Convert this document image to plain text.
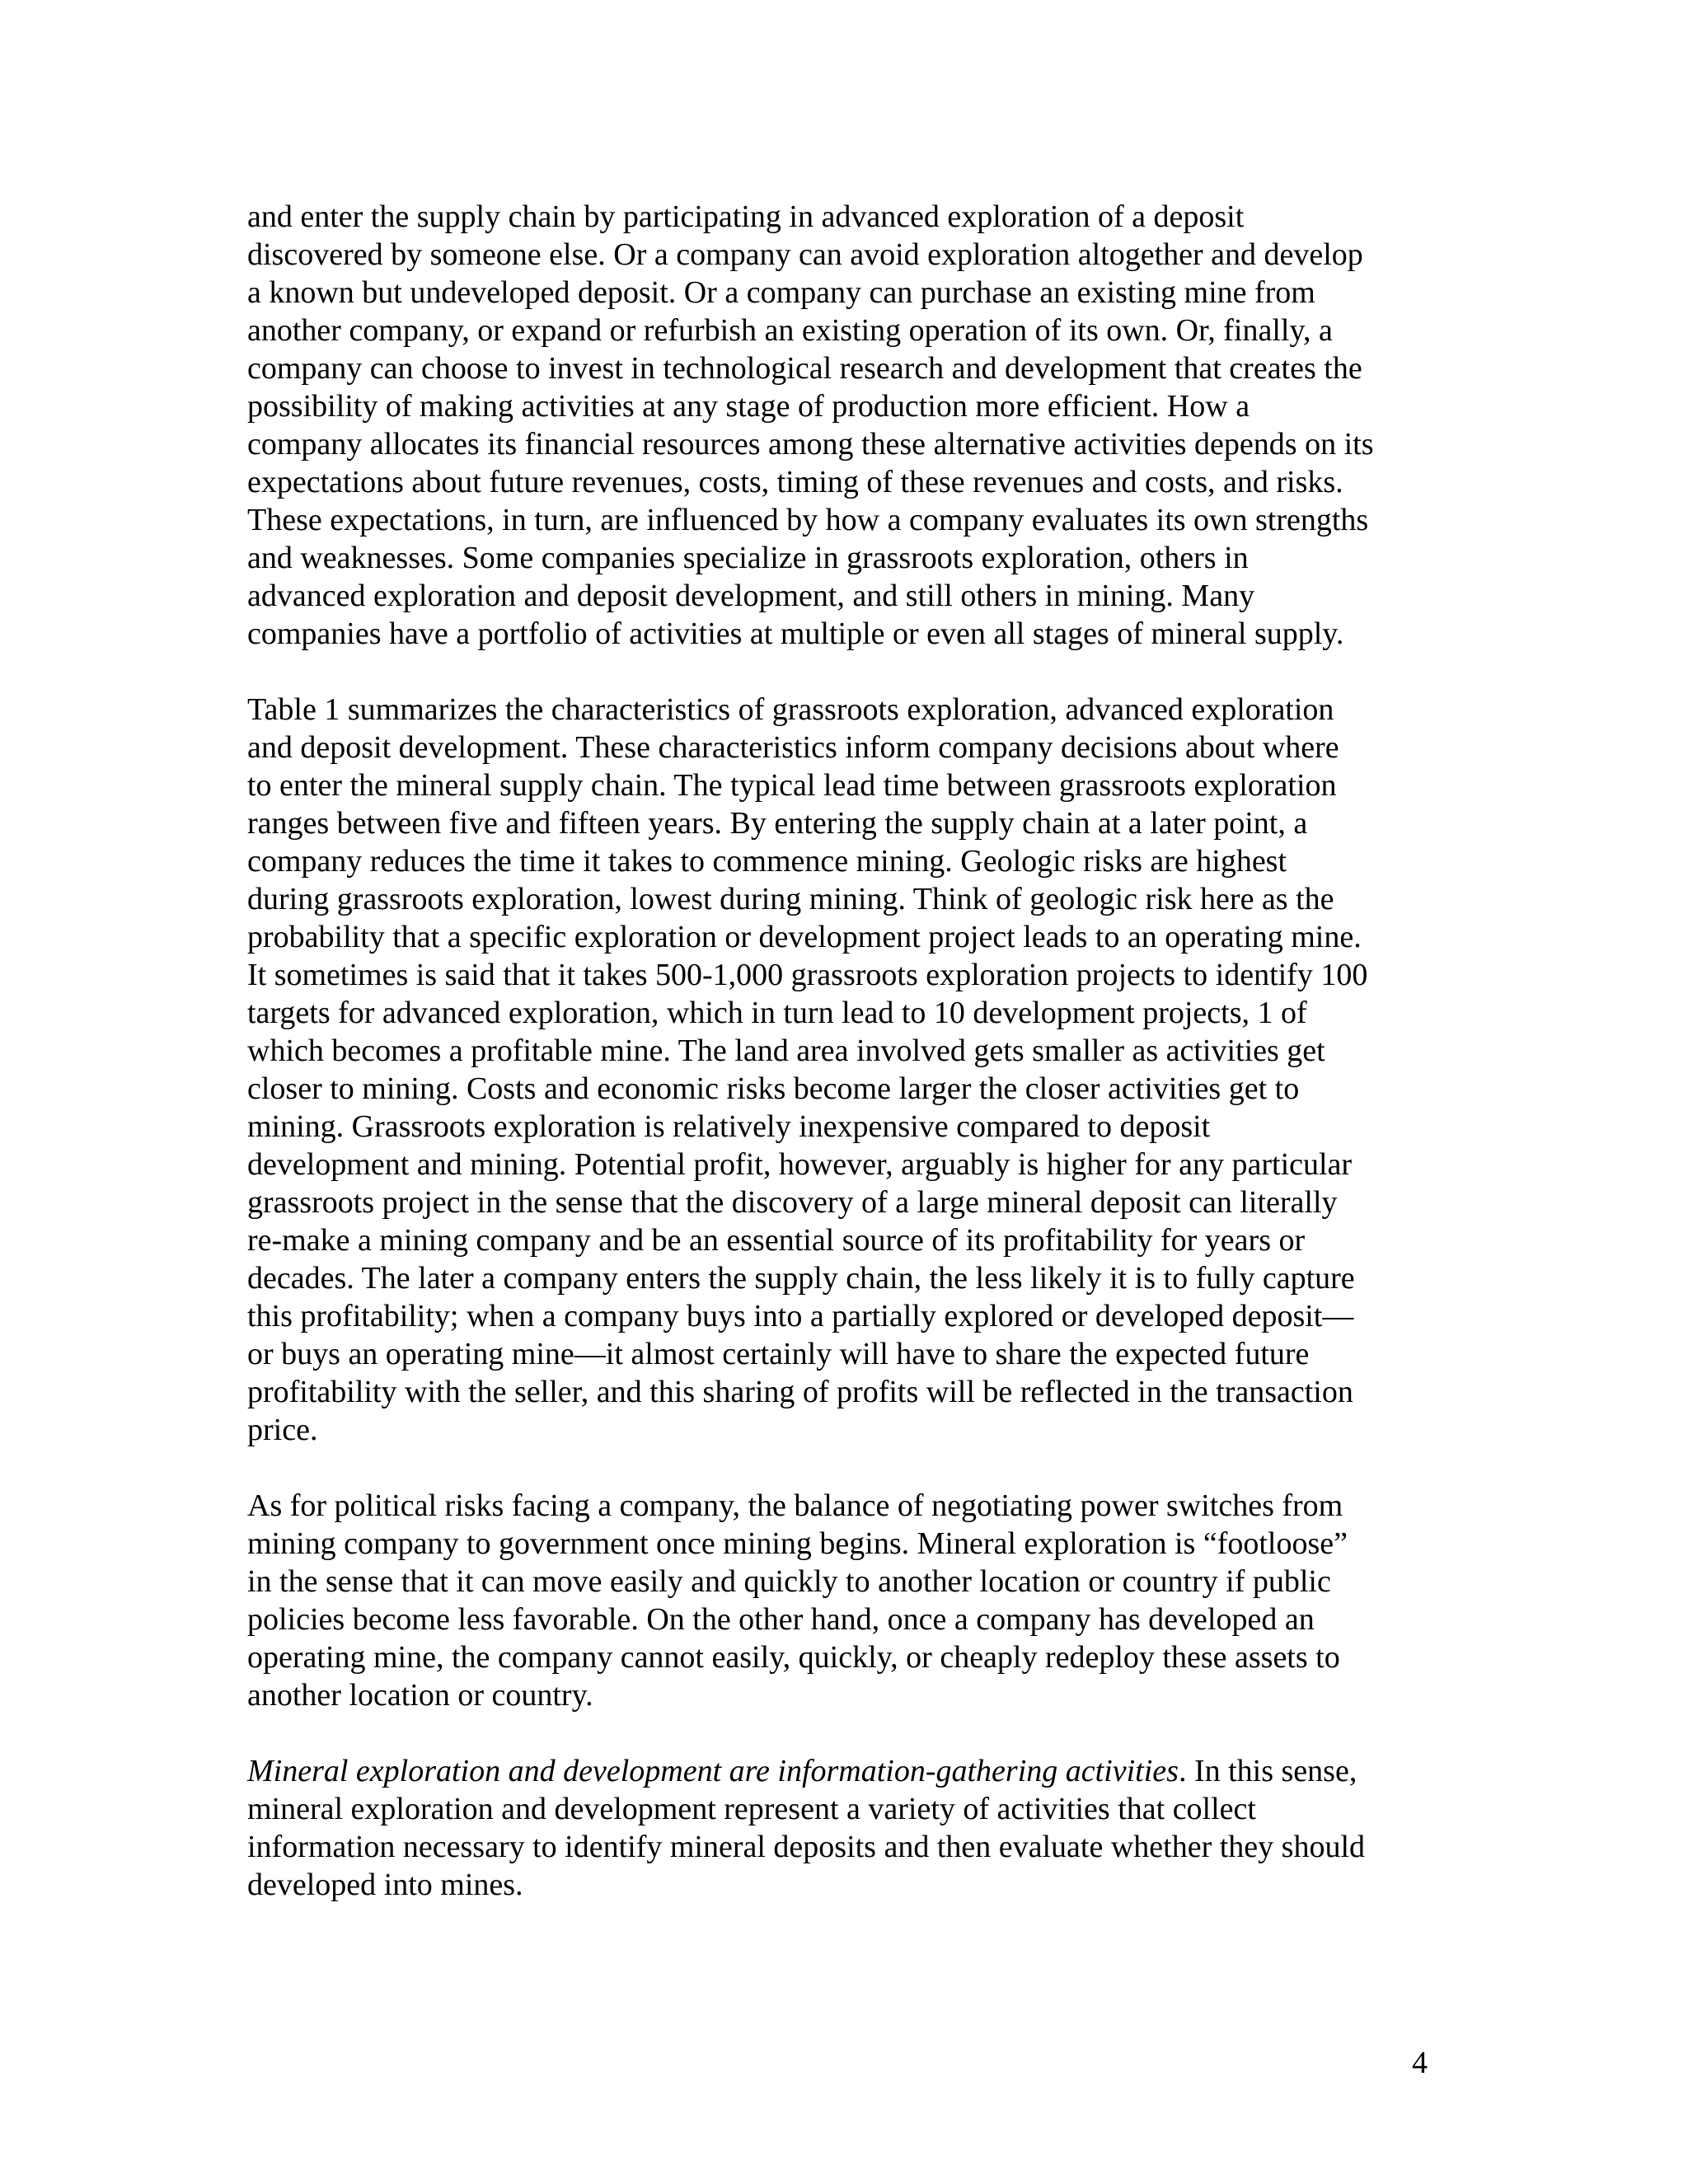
and enter the supply chain by participating in advanced exploration of a deposit
discovered by someone else. Or a company can avoid exploration altogether and develop
a known but undeveloped deposit. Or a company can purchase an existing mine from
another company, or expand or refurbish an existing operation of its own. Or, finally, a
company can choose to invest in technological research and development that creates the
possibility of making activities at any stage of production more efficient. How a
company allocates its financial resources among these alternative activities depends on its
expectations about future revenues, costs, timing of these revenues and costs, and risks.
These expectations, in turn, are influenced by how a company evaluates its own strengths
and weaknesses. Some companies specialize in grassroots exploration, others in
advanced exploration and deposit development, and still others in mining. Many
companies have a portfolio of activities at multiple or even all stages of mineral supply.

Table 1 summarizes the characteristics of grassroots exploration, advanced exploration
and deposit development. These characteristics inform company decisions about where
to enter the mineral supply chain. The typical lead time between grassroots exploration
ranges between five and fifteen years. By entering the supply chain at a later point, a
company reduces the time it takes to commence mining. Geologic risks are highest
during grassroots exploration, lowest during mining. Think of geologic risk here as the
probability that a specific exploration or development project leads to an operating mine.
It sometimes is said that it takes 500-1,000 grassroots exploration projects to identify 100
targets for advanced exploration, which in turn lead to 10 development projects, 1 of
which becomes a profitable mine. The land area involved gets smaller as activities get
closer to mining. Costs and economic risks become larger the closer activities get to
mining. Grassroots exploration is relatively inexpensive compared to deposit
development and mining. Potential profit, however, arguably is higher for any particular
grassroots project in the sense that the discovery of a large mineral deposit can literally
re-make a mining company and be an essential source of its profitability for years or
decades. The later a company enters the supply chain, the less likely it is to fully capture
this profitability; when a company buys into a partially explored or developed deposit—
or buys an operating mine—it almost certainly will have to share the expected future
profitability with the seller, and this sharing of profits will be reflected in the transaction
price.

As for political risks facing a company, the balance of negotiating power switches from
mining company to government once mining begins. Mineral exploration is “footloose”
in the sense that it can move easily and quickly to another location or country if public
policies become less favorable. On the other hand, once a company has developed an
operating mine, the company cannot easily, quickly, or cheaply redeploy these assets to
another location or country.

Mineral exploration and development are information-gathering activities. In this sense,
mineral exploration and development represent a variety of activities that collect
information necessary to identify mineral deposits and then evaluate whether they should
developed into mines.

4
